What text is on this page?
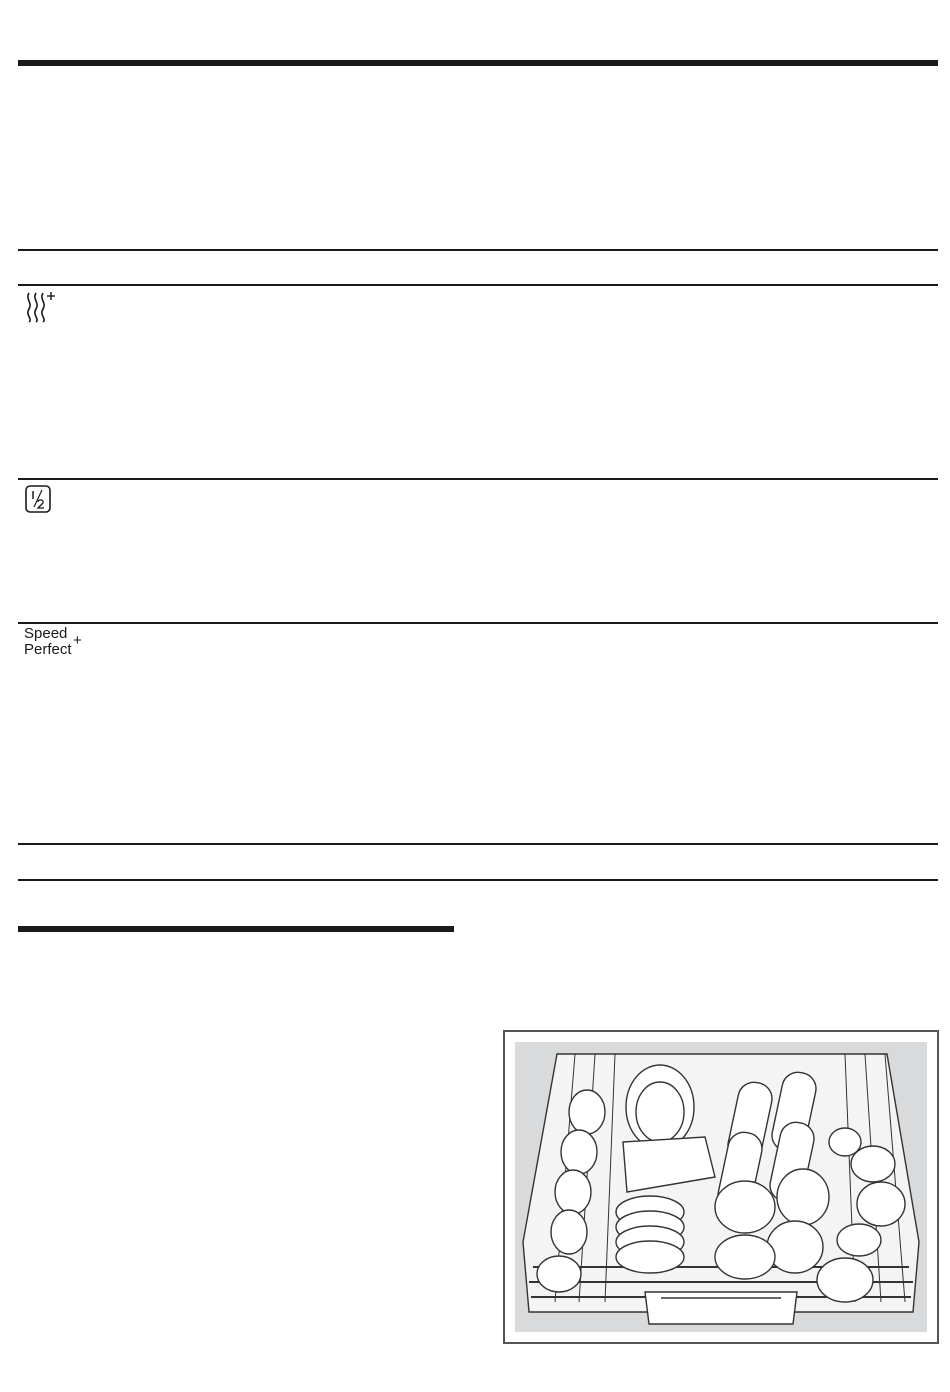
Speed
Perfect
+
